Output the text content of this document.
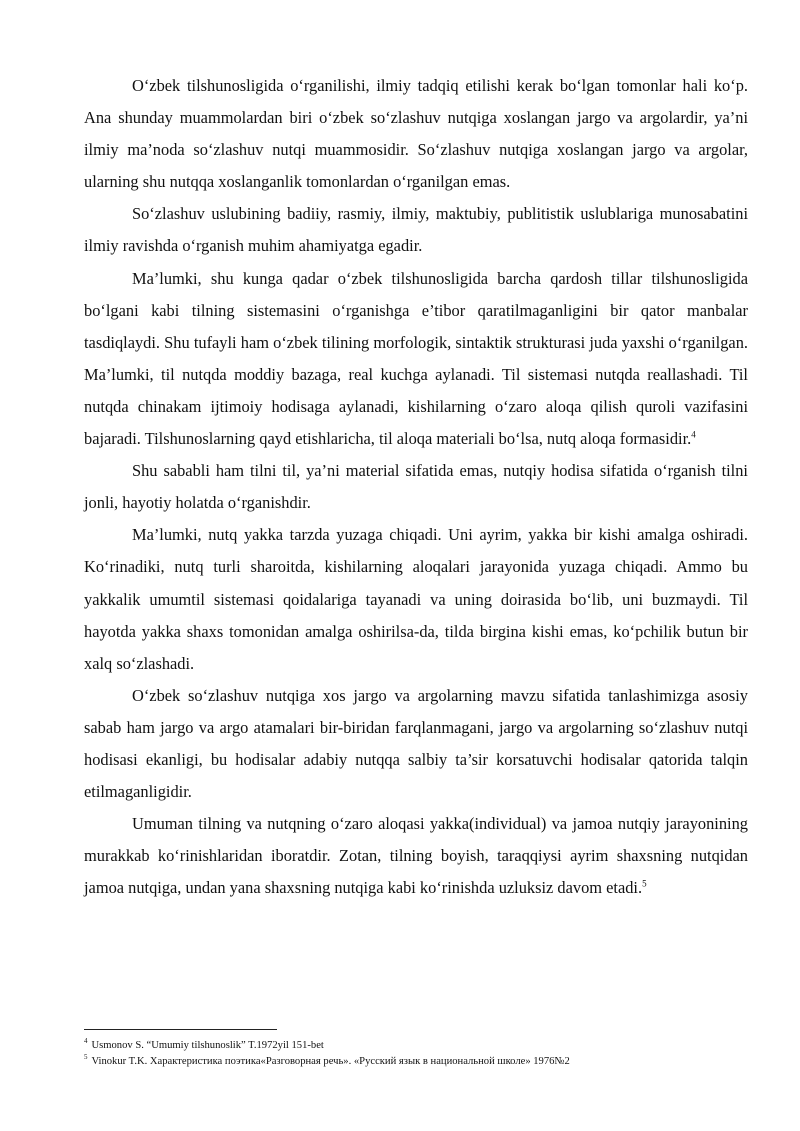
O‘zbek tilshunosligida o‘rganilishi, ilmiy tadqiq etilishi kerak bo‘lgan tomonlar hali ko‘p. Ana shunday muammolardan biri o‘zbek so‘zlashuv nutqiga xoslangan jargo va argolardir, ya’ni ilmiy ma’noda so‘zlashuv nutqi muammosidir. So‘zlashuv nutqiga xoslangan jargo va argolar, ularning shu nutqqa xoslanganlik tomonlardan o‘rganilgan emas.

So‘zlashuv uslubining badiiy, rasmiy, ilmiy, maktubiy, publitistik uslublariga munosabatini ilmiy ravishda o‘rganish muhim ahamiyatga egadir.

Ma’lumki, shu kunga qadar o‘zbek tilshunosligida barcha qardosh tillar tilshunosligida bo‘lgani kabi tilning sistemasini o‘rganishga e’tibor qaratilmaganligini bir qator manbalar tasdiqlaydi. Shu tufayli ham o‘zbek tilining morfologik, sintaktik strukturasi juda yaxshi o‘rganilgan. Ma’lumki, til nutqda moddiy bazaga, real kuchga aylanadi. Til sistemasi nutqda reallashadi. Til nutqda chinakam ijtimoiy hodisaga aylanadi, kishilarning o‘zaro aloqa qilish quroli vazifasini bajaradi. Tilshunoslarning qayd etishlaricha, til aloqa materiali bo‘lsa, nutq aloqa formasidir.$^4$

Shu sababli ham tilni til, ya’ni material sifatida emas, nutqiy hodisa sifatida o‘rganish tilni jonli, hayotiy holatda o‘rganishdir.

Ma’lumki, nutq yakka tarzda yuzaga chiqadi. Uni ayrim, yakka bir kishi amalga oshiradi. Ko‘rinadiki, nutq turli sharoitda, kishilarning aloqalari jarayonida yuzaga chiqadi. Ammo bu yakkalik umumtil sistemasi qoidalariga tayanadi va uning doirasida bo‘lib, uni buzmaydi. Til hayotda yakka shaxs tomonidan amalga oshirilsa-da, tilda birgina kishi emas, ko‘pchilik butun bir xalq so‘zlashadi.

O‘zbek so‘zlashuv nutqiga xos jargo va argolarning mavzu sifatida tanlashimizga asosiy sabab ham jargo va argo atamalari bir-biridan farqlanmagani, jargo va argolarning so‘zlashuv nutqi hodisasi ekanligi, bu hodisalar adabiy nutqqa salbiy ta’sir korsatuvchi hodisalar qatorida talqin etilmaganligidir.

Umuman tilning va nutqning o‘zaro aloqasi yakka(individual) va jamoa nutqiy jarayonining murakkab ko‘rinishlaridan iboratdir. Zotan, tilning boyish, taraqqiysi ayrim shaxsning nutqidan jamoa nutqiga, undan yana shaxsning nutqiga kabi ko‘rinishda uzluksiz davom etadi.$^5$

$^4$ Usmonov S. “Umumiy tilshunoslik” T.1972yil 151-bet

$^5$ Vinokur T.K. Характеристика поэтика«Разговорная речь». «Русский язык в национальной школе» 1976№2
